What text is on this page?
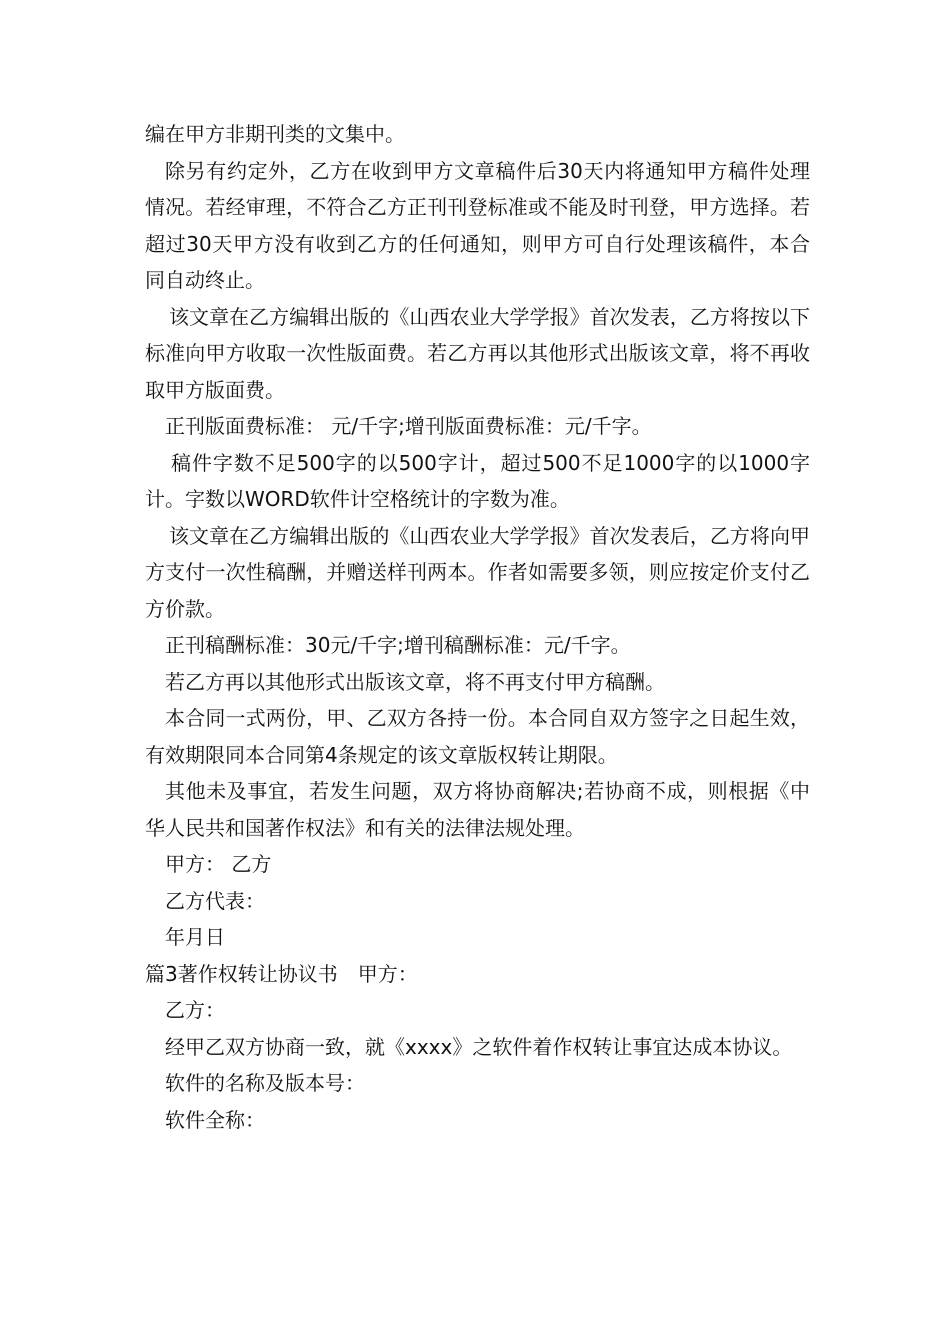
编在甲方非期刊类的文集中。

除另有约定外，乙方在收到甲方文章稿件后30天内将通知甲方稿件处理情况。若经审理，不符合乙方正刊刊登标准或不能及时刊登，甲方选择。若超过30天甲方没有收到乙方的任何通知，则甲方可自行处理该稿件，本合同自动终止。

该文章在乙方编辑出版的《山西农业大学学报》首次发表，乙方将按以下标准向甲方收取一次性版面费。若乙方再以其他形式出版该文章，将不再收取甲方版面费。

正刊版面费标准： 元/千字;增刊版面费标准：元/千字。

稿件字数不足500字的以500字计，超过500不足1000字的以1000字计。字数以WORD软件计空格统计的字数为准。

该文章在乙方编辑出版的《山西农业大学学报》首次发表后，乙方将向甲方支付一次性稿酬，并赠送样刊两本。作者如需要多领，则应按定价支付乙方价款。

正刊稿酬标准：30元/千字;增刊稿酬标准：元/千字。

若乙方再以其他形式出版该文章，将不再支付甲方稿酬。

本合同一式两份，甲、乙双方各持一份。本合同自双方签字之日起生效，有效期限同本合同第4条规定的该文章版权转让期限。

其他未及事宜，若发生问题，双方将协商解决;若协商不成，则根据《中华人民共和国著作权法》和有关的法律法规处理。

甲方： 乙方

乙方代表：

年月日

篇3著作权转让协议书　甲方：

乙方：

经甲乙双方协商一致，就《xxxx》之软件着作权转让事宜达成本协议。

软件的名称及版本号：

软件全称：
